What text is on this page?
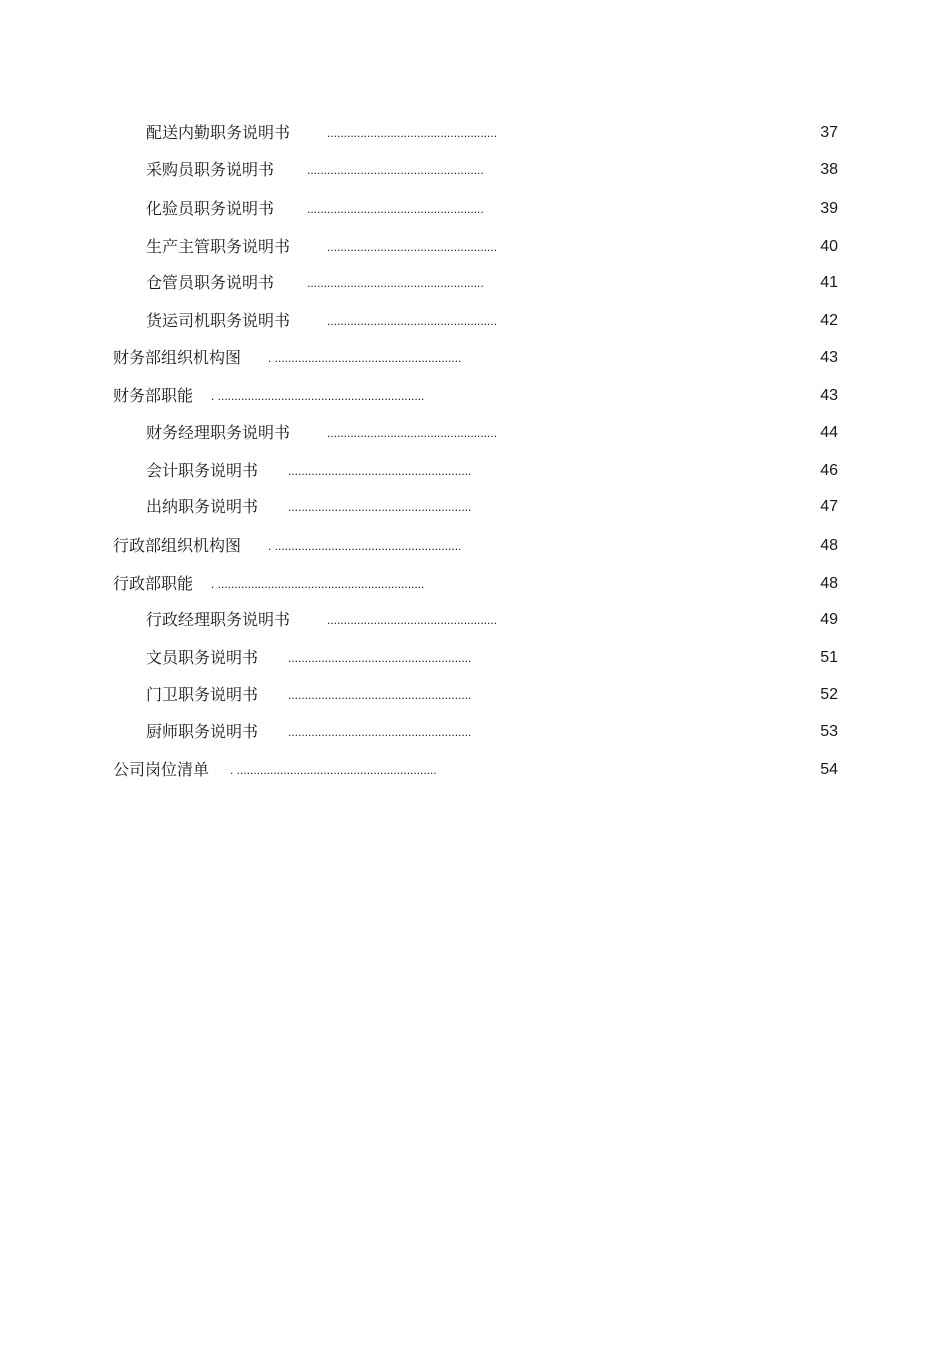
配送内勤职务说明书	...................................................	37
采购员职务说明书	.....................................................	38
化验员职务说明书	.....................................................	39
生产主管职务说明书	...................................................	40
仓管员职务说明书	.....................................................	41
货运司机职务说明书	...................................................	42
财务部组织机构图 . ........................................................	43
财务部职能 . ..............................................................	43
财务经理职务说明书	...................................................	44
会计职务说明书 .......................................................	46
出纳职务说明书 .......................................................	47
行政部组织机构图 . ........................................................	48
行政部职能 . ..............................................................	48
行政经理职务说明书	...................................................	49
文员职务说明书 .......................................................	51
门卫职务说明书 .......................................................	52
厨师职务说明书 .......................................................	53
公司岗位清单 . ............................................................	54
